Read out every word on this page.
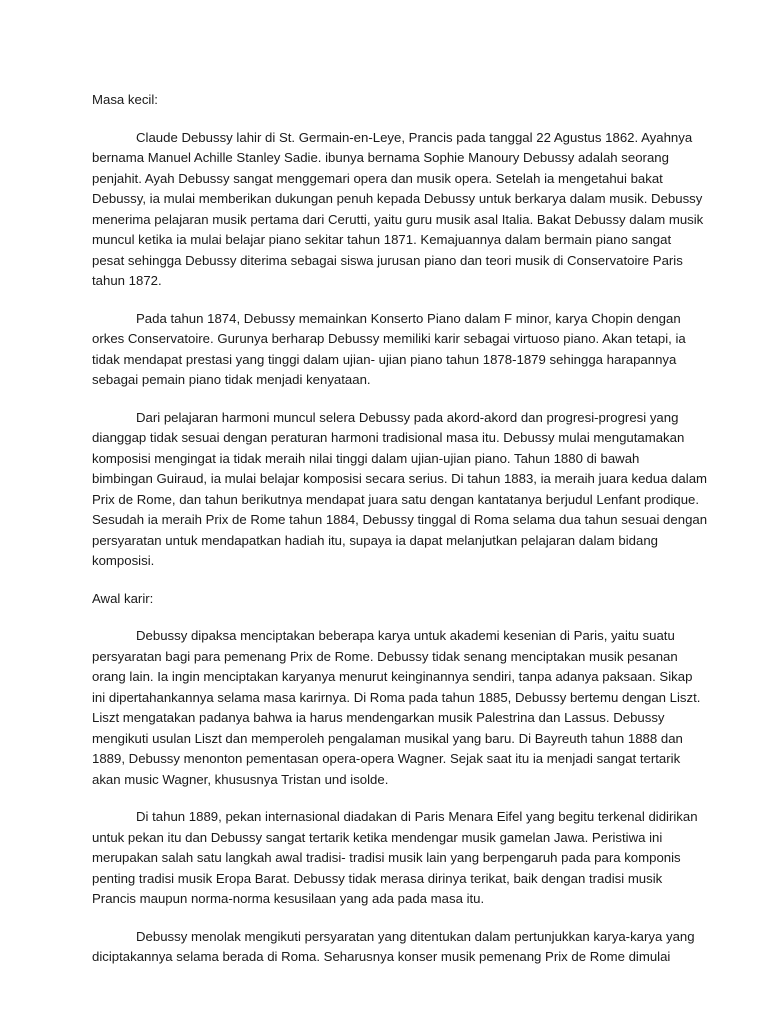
Masa kecil:
Claude Debussy lahir di St. Germain-en-Leye, Prancis pada tanggal 22 Agustus 1862. Ayahnya
bernama Manuel Achille Stanley Sadie. ibunya bernama Sophie Manoury Debussy adalah seorang
penjahit. Ayah Debussy sangat menggemari opera dan musik opera. Setelah ia mengetahui bakat
Debussy, ia mulai memberikan dukungan penuh kepada Debussy untuk berkarya dalam musik. Debussy
menerima pelajaran musik pertama dari Cerutti, yaitu guru musik asal Italia. Bakat Debussy dalam musik
muncul ketika ia mulai belajar piano sekitar tahun 1871. Kemajuannya dalam bermain piano sangat
pesat sehingga Debussy diterima sebagai siswa jurusan piano dan teori musik di Conservatoire Paris
tahun 1872.
Pada tahun 1874, Debussy memainkan Konserto Piano dalam F minor, karya Chopin dengan
orkes Conservatoire. Gurunya berharap Debussy memiliki karir sebagai virtuoso piano. Akan tetapi, ia
tidak mendapat prestasi yang tinggi dalam ujian- ujian piano tahun 1878-1879 sehingga harapannya
sebagai pemain piano tidak menjadi kenyataan.
Dari pelajaran harmoni muncul selera Debussy pada akord-akord dan progresi-progresi yang
dianggap tidak sesuai dengan peraturan harmoni tradisional masa itu. Debussy mulai mengutamakan
komposisi mengingat ia tidak meraih nilai tinggi dalam ujian-ujian piano. Tahun 1880 di bawah
bimbingan Guiraud, ia mulai belajar komposisi secara serius. Di tahun 1883, ia meraih juara kedua dalam
Prix de Rome, dan tahun berikutnya mendapat juara satu dengan kantatanya berjudul Lenfant prodique.
Sesudah ia meraih Prix de Rome tahun 1884, Debussy tinggal di Roma selama dua tahun sesuai dengan
persyaratan untuk mendapatkan hadiah itu, supaya ia dapat melanjutkan pelajaran dalam bidang
komposisi.
Awal karir:
Debussy dipaksa menciptakan beberapa karya untuk akademi kesenian di Paris, yaitu suatu
persyaratan bagi para pemenang Prix de Rome. Debussy tidak senang menciptakan musik pesanan
orang lain. Ia ingin menciptakan karyanya menurut keinginannya sendiri, tanpa adanya paksaan. Sikap
ini dipertahankannya selama masa karirnya. Di Roma pada tahun 1885, Debussy bertemu dengan Liszt.
Liszt mengatakan padanya bahwa ia harus mendengarkan musik Palestrina dan Lassus. Debussy
mengikuti usulan Liszt dan memperoleh pengalaman musikal yang baru. Di Bayreuth tahun 1888 dan
1889, Debussy menonton pementasan opera-opera Wagner. Sejak saat itu ia menjadi sangat tertarik
akan music Wagner, khususnya Tristan und isolde.
Di tahun 1889, pekan internasional diadakan di Paris Menara Eifel yang begitu terkenal didirikan
untuk pekan itu dan Debussy sangat tertarik ketika mendengar musik gamelan Jawa. Peristiwa ini
merupakan salah satu langkah awal tradisi- tradisi musik lain yang berpengaruh pada para komponis
penting tradisi musik Eropa Barat. Debussy tidak merasa dirinya terikat, baik dengan tradisi musik
Prancis maupun norma-norma kesusilaan yang ada pada masa itu.
Debussy menolak mengikuti persyaratan yang ditentukan dalam pertunjukkan karya-karya yang
diciptakannya selama berada di Roma. Seharusnya konser musik pemenang Prix de Rome dimulai
